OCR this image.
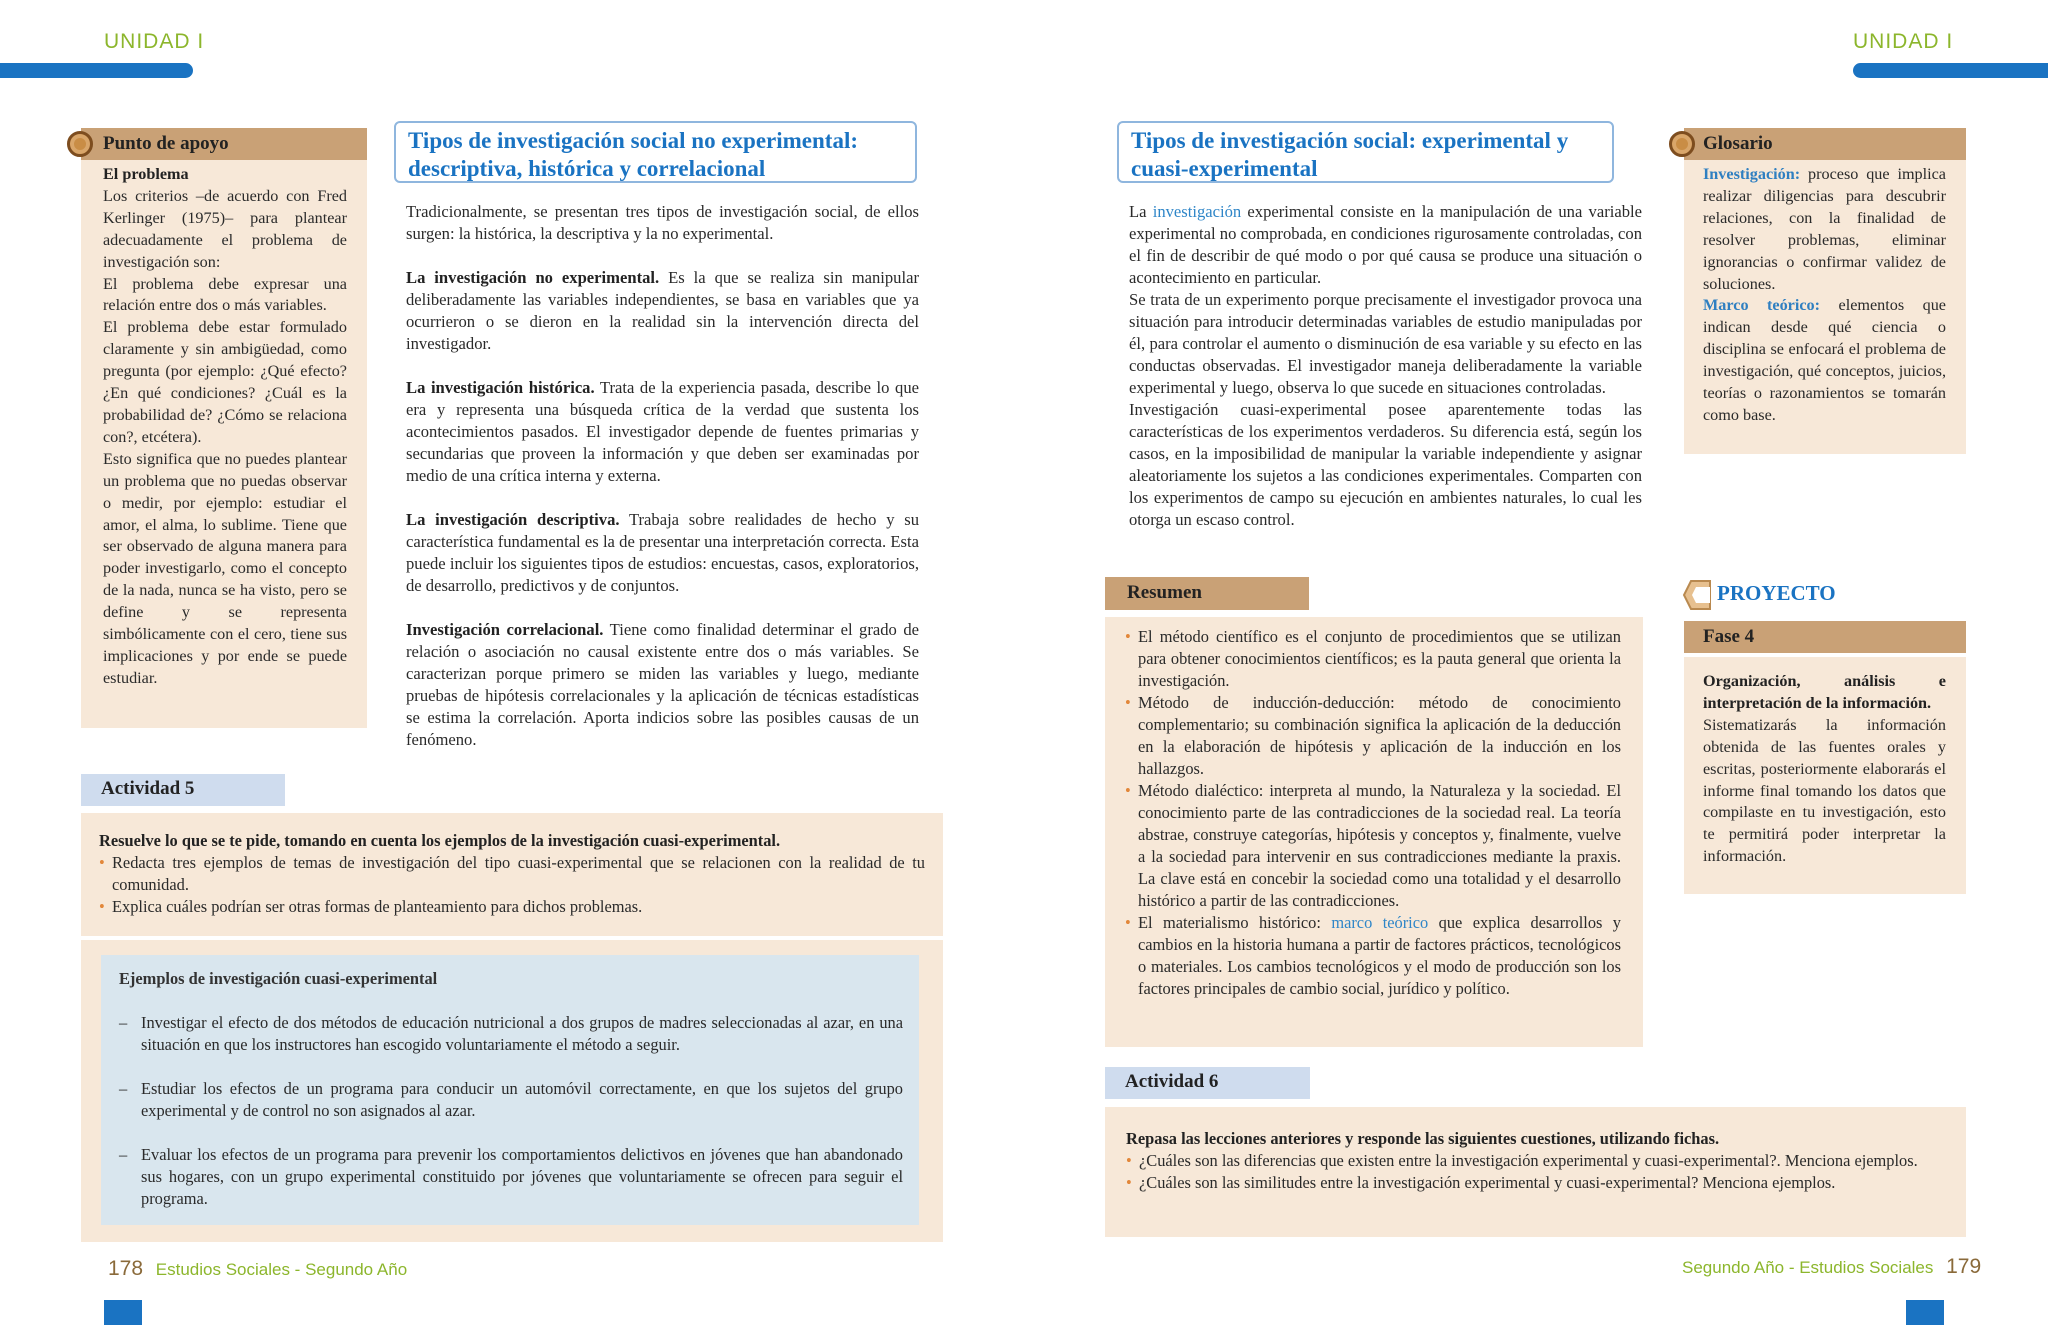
UNIDAD I
Punto de apoyo

El problema

Los criterios –de acuerdo con Fred Kerlinger (1975)– para plantear adecuadamente el problema de investigación son:

El problema debe expresar una relación entre dos o más variables.

El problema debe estar formulado claramente y sin ambigüedad, como pregunta (por ejemplo: ¿Qué efecto? ¿En qué condiciones? ¿Cuál es la probabilidad de? ¿Cómo se relaciona con?, etcétera).

Esto significa que no puedes plantear un problema que no puedas observar o medir, por ejemplo: estudiar el amor, el alma, lo sublime. Tiene que ser observado de alguna manera para poder investigarlo, como el concepto de la nada, nunca se ha visto, pero se define y se representa simbólicamente con el cero, tiene sus implicaciones y por ende se puede estudiar.

Tipos de investigación social no experimental: descriptiva, histórica y correlacional

Tradicionalmente, se presentan tres tipos de investigación social, de ellos surgen: la histórica, la descriptiva y la no experimental.

La investigación no experimental. Es la que se realiza sin manipular deliberadamente las variables independientes, se basa en variables que ya ocurrieron o se dieron en la realidad sin la intervención directa del investigador.

La investigación histórica. Trata de la experiencia pasada, describe lo que era y representa una búsqueda crítica de la verdad que sustenta los acontecimientos pasados. El investigador depende de fuentes primarias y secundarias que proveen la información y que deben ser examinadas por medio de una crítica interna y externa.

La investigación descriptiva. Trabaja sobre realidades de hecho y su característica fundamental es la de presentar una interpretación correcta. Esta puede incluir los siguientes tipos de estudios: encuestas, casos, exploratorios, de desarrollo, predictivos y de conjuntos.

Investigación correlacional. Tiene como finalidad determinar el grado de relación o asociación no causal existente entre dos o más variables. Se caracterizan porque primero se miden las variables y luego, mediante pruebas de hipótesis correlacionales y la aplicación de técnicas estadísticas se estima la correlación. Aporta indicios sobre las posibles causas de un fenómeno.

Actividad 5

Resuelve lo que se te pide, tomando en cuenta los ejemplos de la investigación cuasi-experimental.

• Redacta tres ejemplos de temas de investigación del tipo cuasi-experimental que se relacionen con la realidad de tu comunidad.

• Explica cuáles podrían ser otras formas de planteamiento para dichos problemas.

Ejemplos de investigación cuasi-experimental

– Investigar el efecto de dos métodos de educación nutricional a dos grupos de madres seleccionadas al azar, en una situación en que los instructores han escogido voluntariamente el método a seguir.

– Estudiar los efectos de un programa para conducir un automóvil correctamente, en que los sujetos del grupo experimental y de control no son asignados al azar.

– Evaluar los efectos de un programa para prevenir los comportamientos delictivos en jóvenes que han abandonado sus hogares, con un grupo experimental constituido por jóvenes que voluntariamente se ofrecen para seguir el programa.

178 Estudios Sociales - Segundo Año
UNIDAD I
Tipos de investigación social: experimental y cuasi-experimental

La investigación experimental consiste en la manipulación de una variable experimental no comprobada, en condiciones rigurosamente controladas, con el fin de describir de qué modo o por qué causa se produce una situación o acontecimiento en particular.

Se trata de un experimento porque precisamente el investigador provoca una situación para introducir determinadas variables de estudio manipuladas por él, para controlar el aumento o disminución de esa variable y su efecto en las conductas observadas. El investigador maneja deliberadamente la variable experimental y luego, observa lo que sucede en situaciones controladas.

Investigación cuasi-experimental posee aparentemente todas las características de los experimentos verdaderos. Su diferencia está, según los casos, en la imposibilidad de manipular la variable independiente y asignar aleatoriamente los sujetos a las condiciones experimentales. Comparten con los experimentos de campo su ejecución en ambientes naturales, lo cual les otorga un escaso control.

Glosario

Investigación: proceso que implica realizar diligencias para descubrir relaciones, con la finalidad de resolver problemas, eliminar ignorancias o confirmar validez de soluciones.

Marco teórico: elementos que indican desde qué ciencia o disciplina se enfocará el problema de investigación, qué conceptos, juicios, teorías o razonamientos se tomarán como base.

Resumen

• El método científico es el conjunto de procedimientos que se utilizan para obtener conocimientos científicos; es la pauta general que orienta la investigación.

• Método de inducción-deducción: método de conocimiento complementario; su combinación significa la aplicación de la deducción en la elaboración de hipótesis y aplicación de la inducción en los hallazgos.

• Método dialéctico: interpreta al mundo, la Naturaleza y la sociedad. El conocimiento parte de las contradicciones de la sociedad real. La teoría abstrae, construye categorías, hipótesis y conceptos y, finalmente, vuelve a la sociedad para intervenir en sus contradicciones mediante la praxis. La clave está en concebir la sociedad como una totalidad y el desarrollo histórico a partir de las contradicciones.

• El materialismo histórico: marco teórico que explica desarrollos y cambios en la historia humana a partir de factores prácticos, tecnológicos o materiales. Los cambios tecnológicos y el modo de producción son los factores principales de cambio social, jurídico y político.

PROYECTO
Fase 4

Organización, análisis e interpretación de la información.

Sistematizarás la información obtenida de las fuentes orales y escritas, posteriormente elaborarás el informe final tomando los datos que compilaste en tu investigación, esto te permitirá poder interpretar la información.

Actividad 6

Repasa las lecciones anteriores y responde las siguientes cuestiones, utilizando fichas.

• ¿Cuáles son las diferencias que existen entre la investigación experimental y cuasi-experimental?. Menciona ejemplos.

• ¿Cuáles son las similitudes entre la investigación experimental y cuasi-experimental? Menciona ejemplos.

Segundo Año - Estudios Sociales 179
